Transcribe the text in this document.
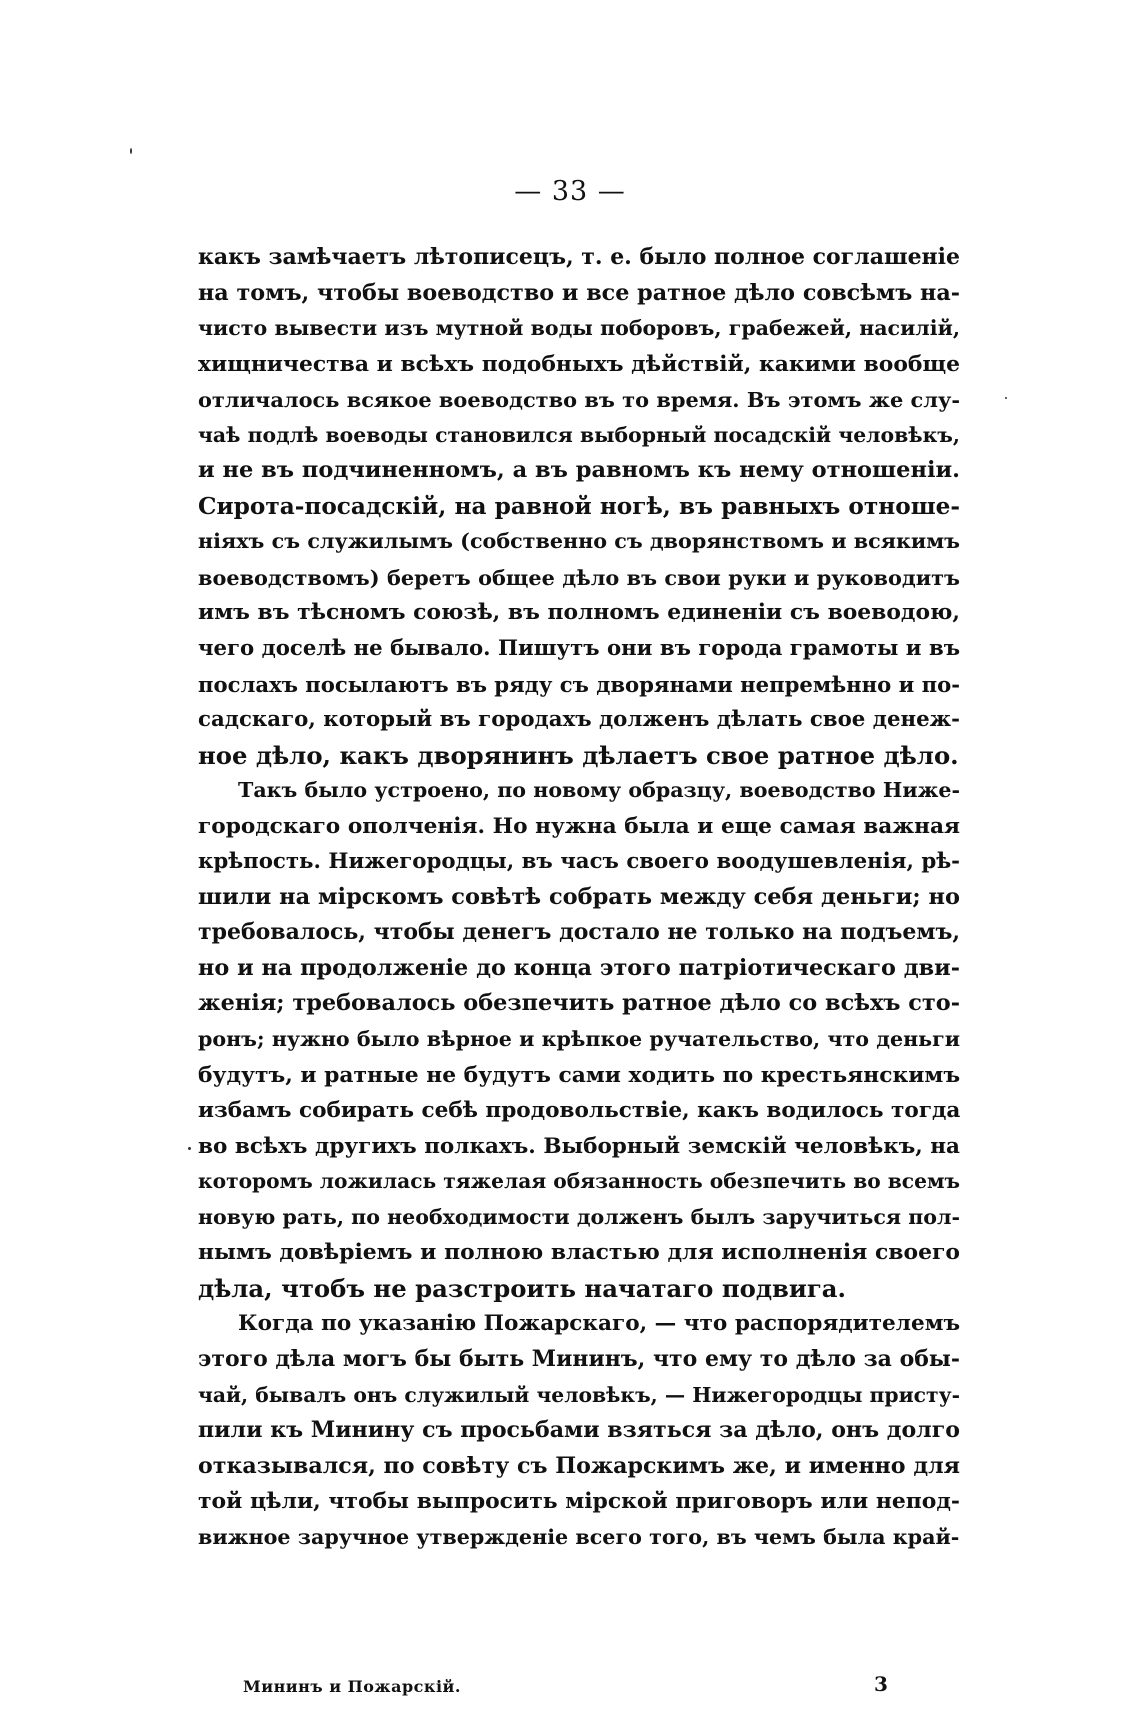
— 33 —
какъ замѣчаетъ лѣтописецъ, т. е. было полное соглашеніе
на томъ, чтобы воеводство и все ратное дѣло совсѣмъ на-
чисто вывести изъ мутной воды поборовъ, грабежей, насилій,
хищничества и всѣхъ подобныхъ дѣйствій, какими вообще
отличалось всякое воеводство въ то время. Въ этомъ же слу-
чаѣ подлѣ воеводы становился выборный посадскій человѣкъ,
и не въ подчиненномъ, а въ равномъ къ нему отношеніи.
Сирота-посадскій, на равной ногѣ, въ равныхъ отноше-
ніяхъ съ служилымъ (собственно съ дворянствомъ и всякимъ
воеводствомъ) беретъ общее дѣло въ свои руки и руководитъ
имъ въ тѣсномъ союзѣ, въ полномъ единеніи съ воеводою,
чего доселѣ не бывало. Пишутъ они въ города грамоты и въ
послахъ посылаютъ въ ряду съ дворянами непремѣнно и по-
садскаго, который въ городахъ долженъ дѣлать свое денеж-
ное дѣло, какъ дворянинъ дѣлаетъ свое ратное дѣло.
Такъ было устроено, по новому образцу, воеводство Ниже-
городскаго ополченія. Но нужна была и еще самая важная
крѣпость. Нижегородцы, въ часъ своего воодушевленія, рѣ-
шили на мірскомъ совѣтѣ собрать между себя деньги; но
требовалось, чтобы денегъ достало не только на подъемъ,
но и на продолженіе до конца этого патріотическаго дви-
женія; требовалось обезпечить ратное дѣло со всѣхъ сто-
ронъ; нужно было вѣрное и крѣпкое ручательство, что деньги
будутъ, и ратные не будутъ сами ходить по крестьянскимъ
избамъ собирать себѣ продовольствіе, какъ водилось тогда
во всѣхъ другихъ полкахъ. Выборный земскій человѣкъ, на
которомъ ложилась тяжелая обязанность обезпечить во всемъ
новую рать, по необходимости долженъ былъ заручиться пол-
нымъ довѣріемъ и полною властью для исполненія своего
дѣла, чтобъ не разстроить начатаго подвига.
Когда по указанію Пожарскаго, — что распорядителемъ
этого дѣла могъ бы быть Мининъ, что ему то дѣло за обы-
чай, бывалъ онъ служилый человѣкъ, — Нижегородцы присту-
пили къ Минину съ просьбами взяться за дѣло, онъ долго
отказывался, по совѣту съ Пожарскимъ же, и именно для
той цѣли, чтобы выпросить мірской приговоръ или непод-
вижное заручное утвержденіе всего того, въ чемъ была край-
Мининъ и Пожарскій.	3
